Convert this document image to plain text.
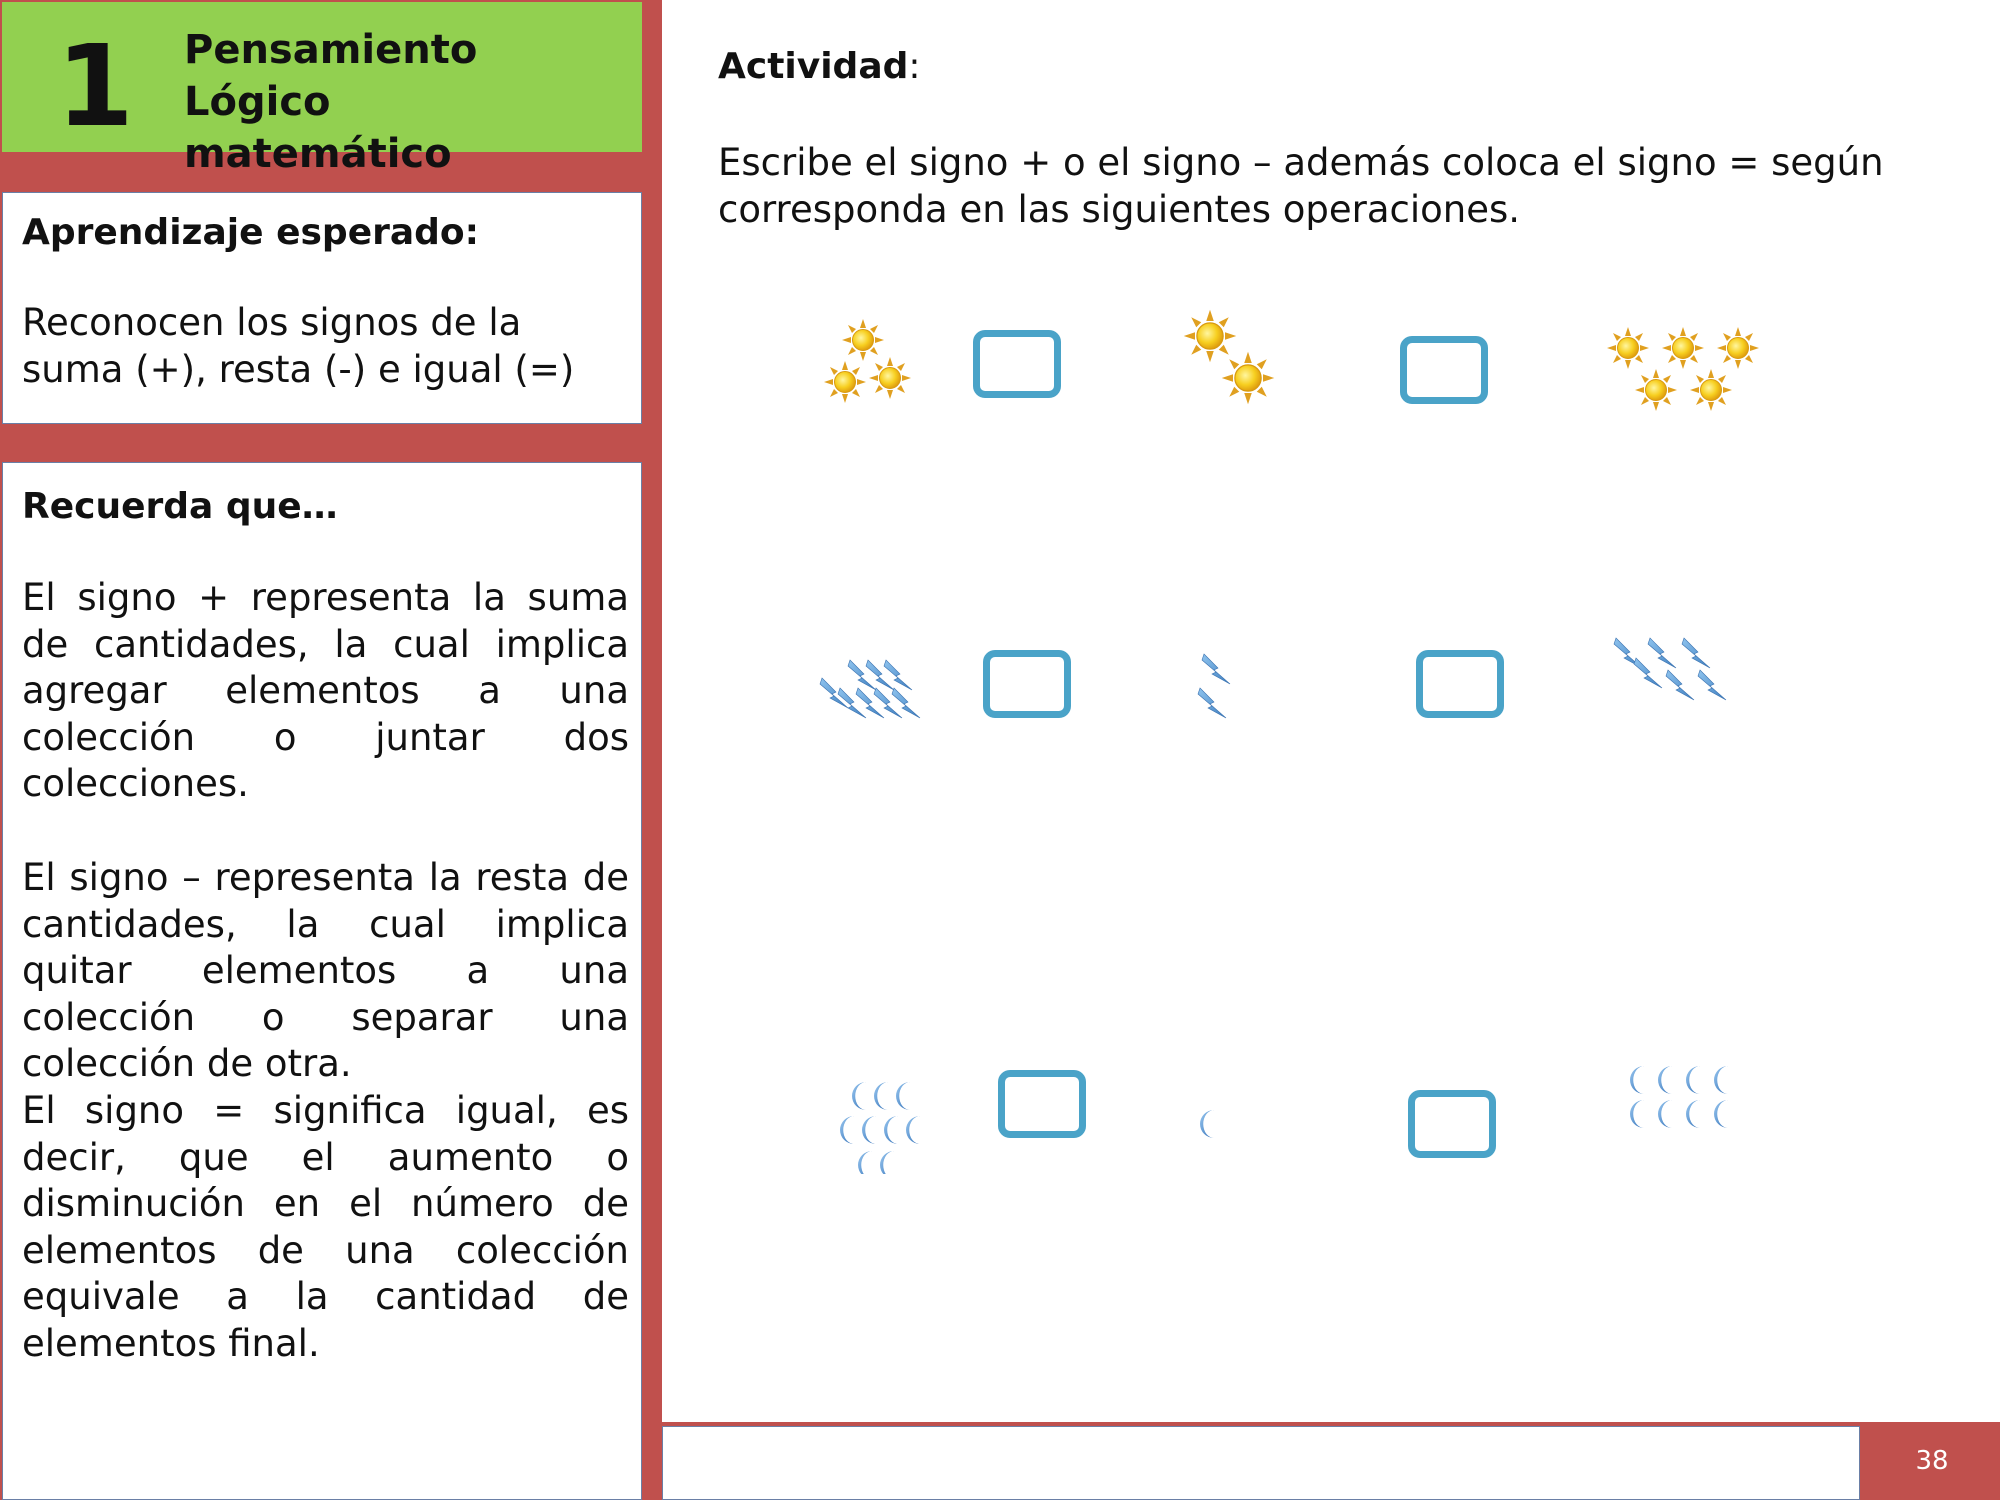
38
1 Pensamiento Lógico
matemático
Aprendizaje esperado:
Reconocen los signos de la suma (+), resta (-) e igual (=)
Recuerda que…
El signo + representa la suma de cantidades, la cual implica agregar elementos a una colección o juntar dos colecciones.
El signo – representa la resta de cantidades, la cual implica quitar elementos a una colección o separar una colección de otra.
El signo = significa igual, es decir, que el aumento o disminución en el número de elementos de una colección equivale a la cantidad de elementos final.
Actividad:
Escribe el signo + o el signo – además coloca el signo = según corresponda en las siguientes operaciones.
